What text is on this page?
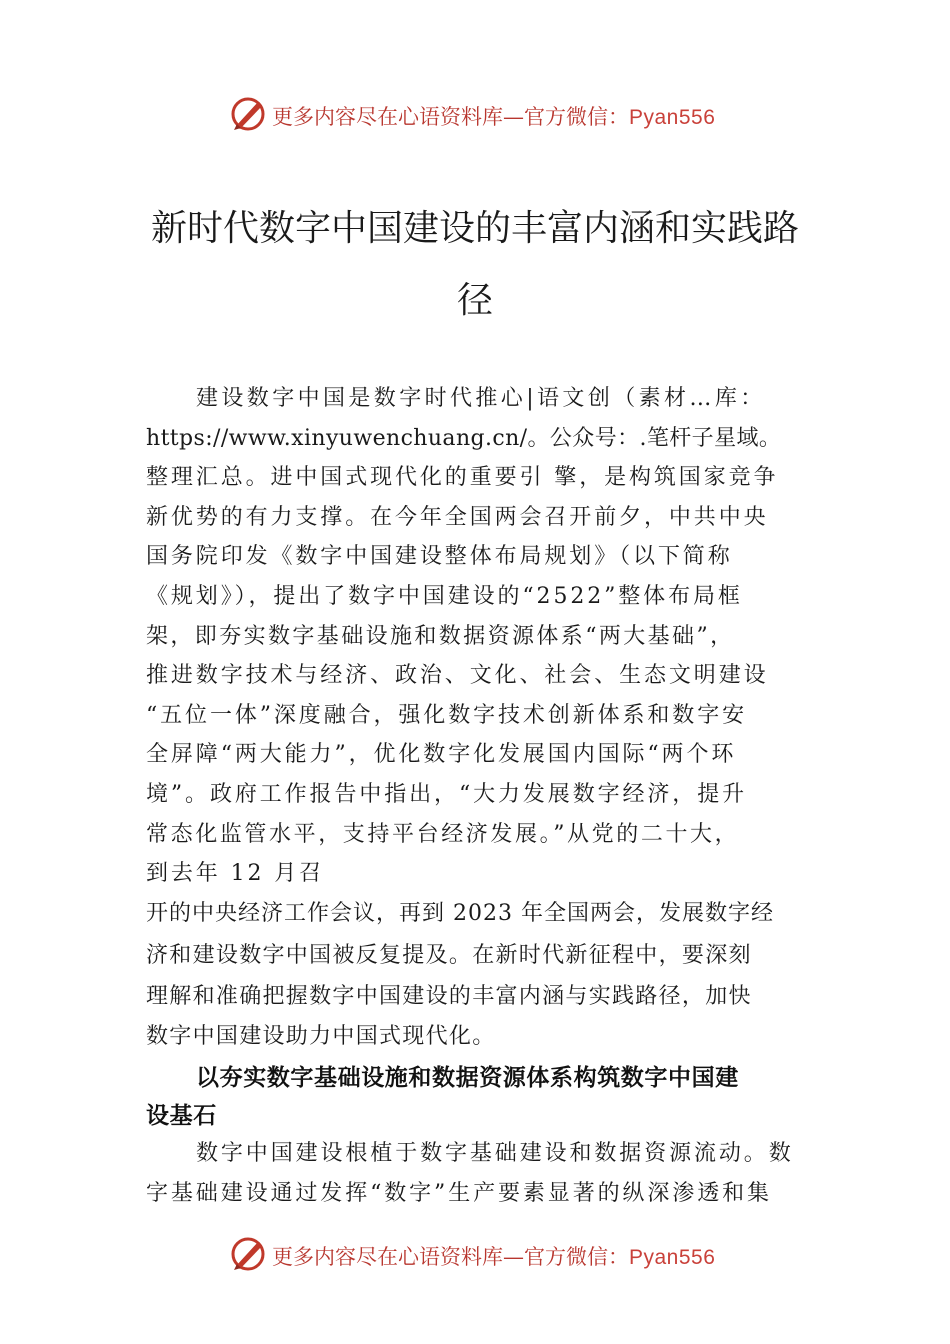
更多内容尽在心语资料库—官方微信：Pyan556
新时代数字中国建设的丰富内涵和实践路
径
建设数字中国是数字时代推心|语文创（素材…库：
https://www.xinyuwenchuang.cn/。公众号：.笔杆子星域。
整理汇总。进中国式现代化的重要引 擎，是构筑国家竞争
新优势的有力支撑。在今年全国两会召开前夕，中共中央
国务院印发《数字中国建设整体布局规划》（以下简称
《规划》），提出了数字中国建设的“2522”整体布局框
架，即夯实数字基础设施和数据资源体系“两大基础”，
推进数字技术与经济、政治、文化、社会、生态文明建设
“五位一体”深度融合，强化数字技术创新体系和数字安
全屏障“两大能力”，优化数字化发展国内国际“两个环
境”。政府工作报告中指出，“大力发展数字经济，提升
常态化监管水平，支持平台经济发展。”从党的二十大，
到去年 12 月召
开的中央经济工作会议，再到 2023 年全国两会，发展数字经
济和建设数字中国被反复提及。在新时代新征程中，要深刻
理解和准确把握数字中国建设的丰富内涵与实践路径，加快
数字中国建设助力中国式现代化。
以夯实数字基础设施和数据资源体系构筑数字中国建
设基石
数字中国建设根植于数字基础建设和数据资源流动。数
字基础建设通过发挥“数字”生产要素显著的纵深渗透和集
更多内容尽在心语资料库—官方微信：Pyan556
